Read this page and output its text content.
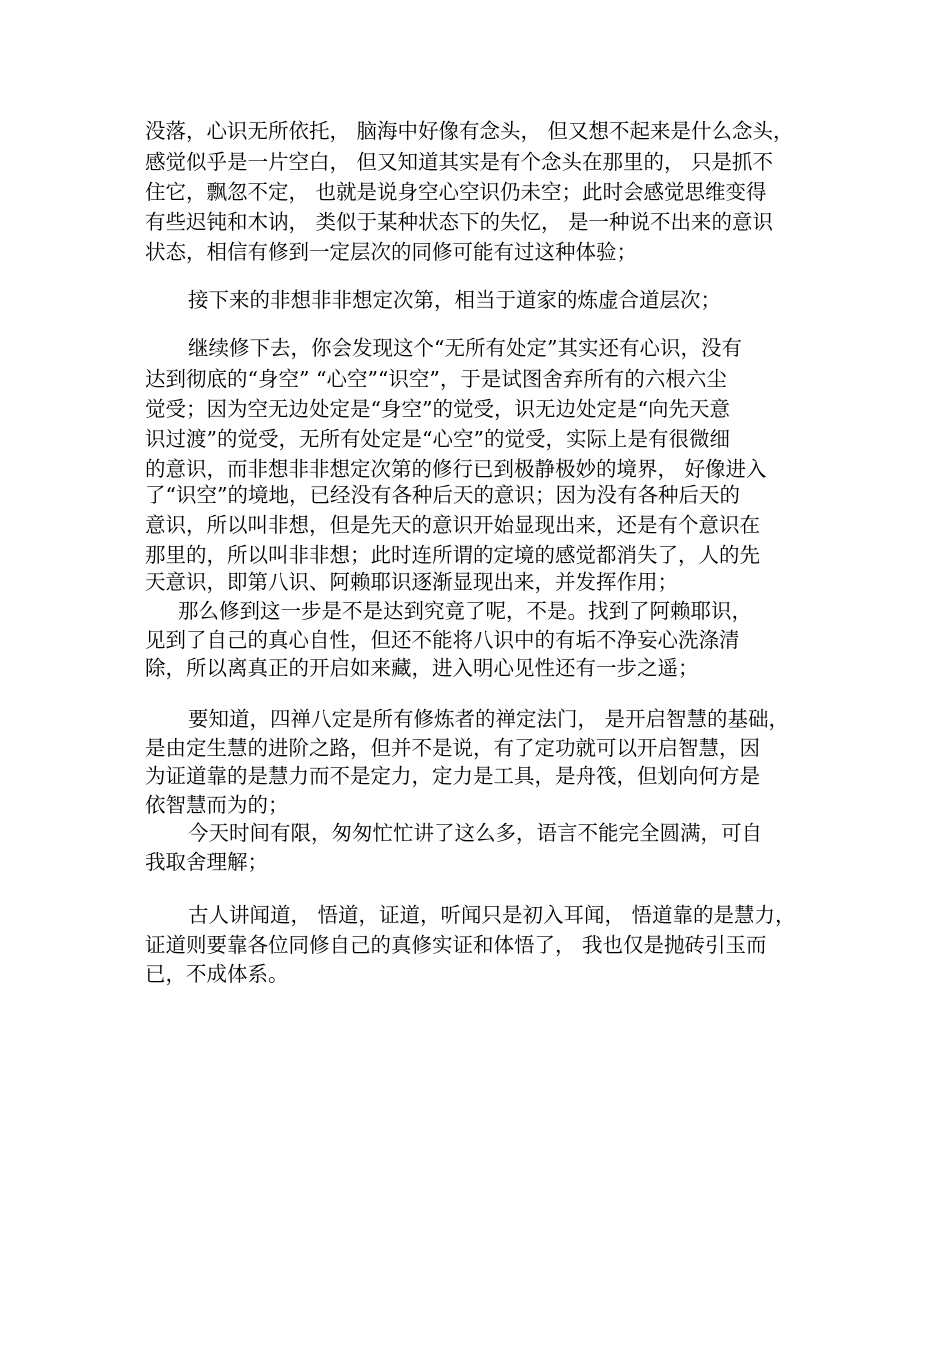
没落，心识无所依托， 脑海中好像有念头， 但又想不起来是什么念头，
感觉似乎是一片空白， 但又知道其实是有个念头在那里的， 只是抓不
住它，飘忽不定， 也就是说身空心空识仍未空；此时会感觉思维变得
有些迟钝和木讷， 类似于某种状态下的失忆， 是一种说不出来的意识
状态，相信有修到一定层次的同修可能有过这种体验；
接下来的非想非非想定次第，相当于道家的炼虚合道层次；
继续修下去，你会发现这个“无所有处定”其实还有心识，没有
达到彻底的“身空” “心空”“识空”，于是试图舍弃所有的六根六尘
觉受；因为空无边处定是“身空”的觉受，识无边处定是“向先天意
识过渡”的觉受，无所有处定是“心空”的觉受，实际上是有很微细
的意识，而非想非非想定次第的修行已到极静极妙的境界， 好像进入
了“识空”的境地，已经没有各种后天的意识；因为没有各种后天的
意识，所以叫非想，但是先天的意识开始显现出来，还是有个意识在
那里的，所以叫非非想；此时连所谓的定境的感觉都消失了，人的先
天意识，即第八识、阿赖耶识逐渐显现出来，并发挥作用；
那么修到这一步是不是达到究竟了呢，不是。找到了阿赖耶识，
见到了自己的真心自性，但还不能将八识中的有垢不净妄心洗涤清
除，所以离真正的开启如来藏，进入明心见性还有一步之遥；
要知道，四禅八定是所有修炼者的禅定法门， 是开启智慧的基础，
是由定生慧的进阶之路，但并不是说，有了定功就可以开启智慧，因
为证道靠的是慧力而不是定力，定力是工具，是舟筏，但划向何方是
依智慧而为的；
今天时间有限，匆匆忙忙讲了这么多，语言不能完全圆满，可自
我取舍理解；
古人讲闻道， 悟道，证道，听闻只是初入耳闻， 悟道靠的是慧力，
证道则要靠各位同修自己的真修实证和体悟了， 我也仅是抛砖引玉而
已，不成体系。
